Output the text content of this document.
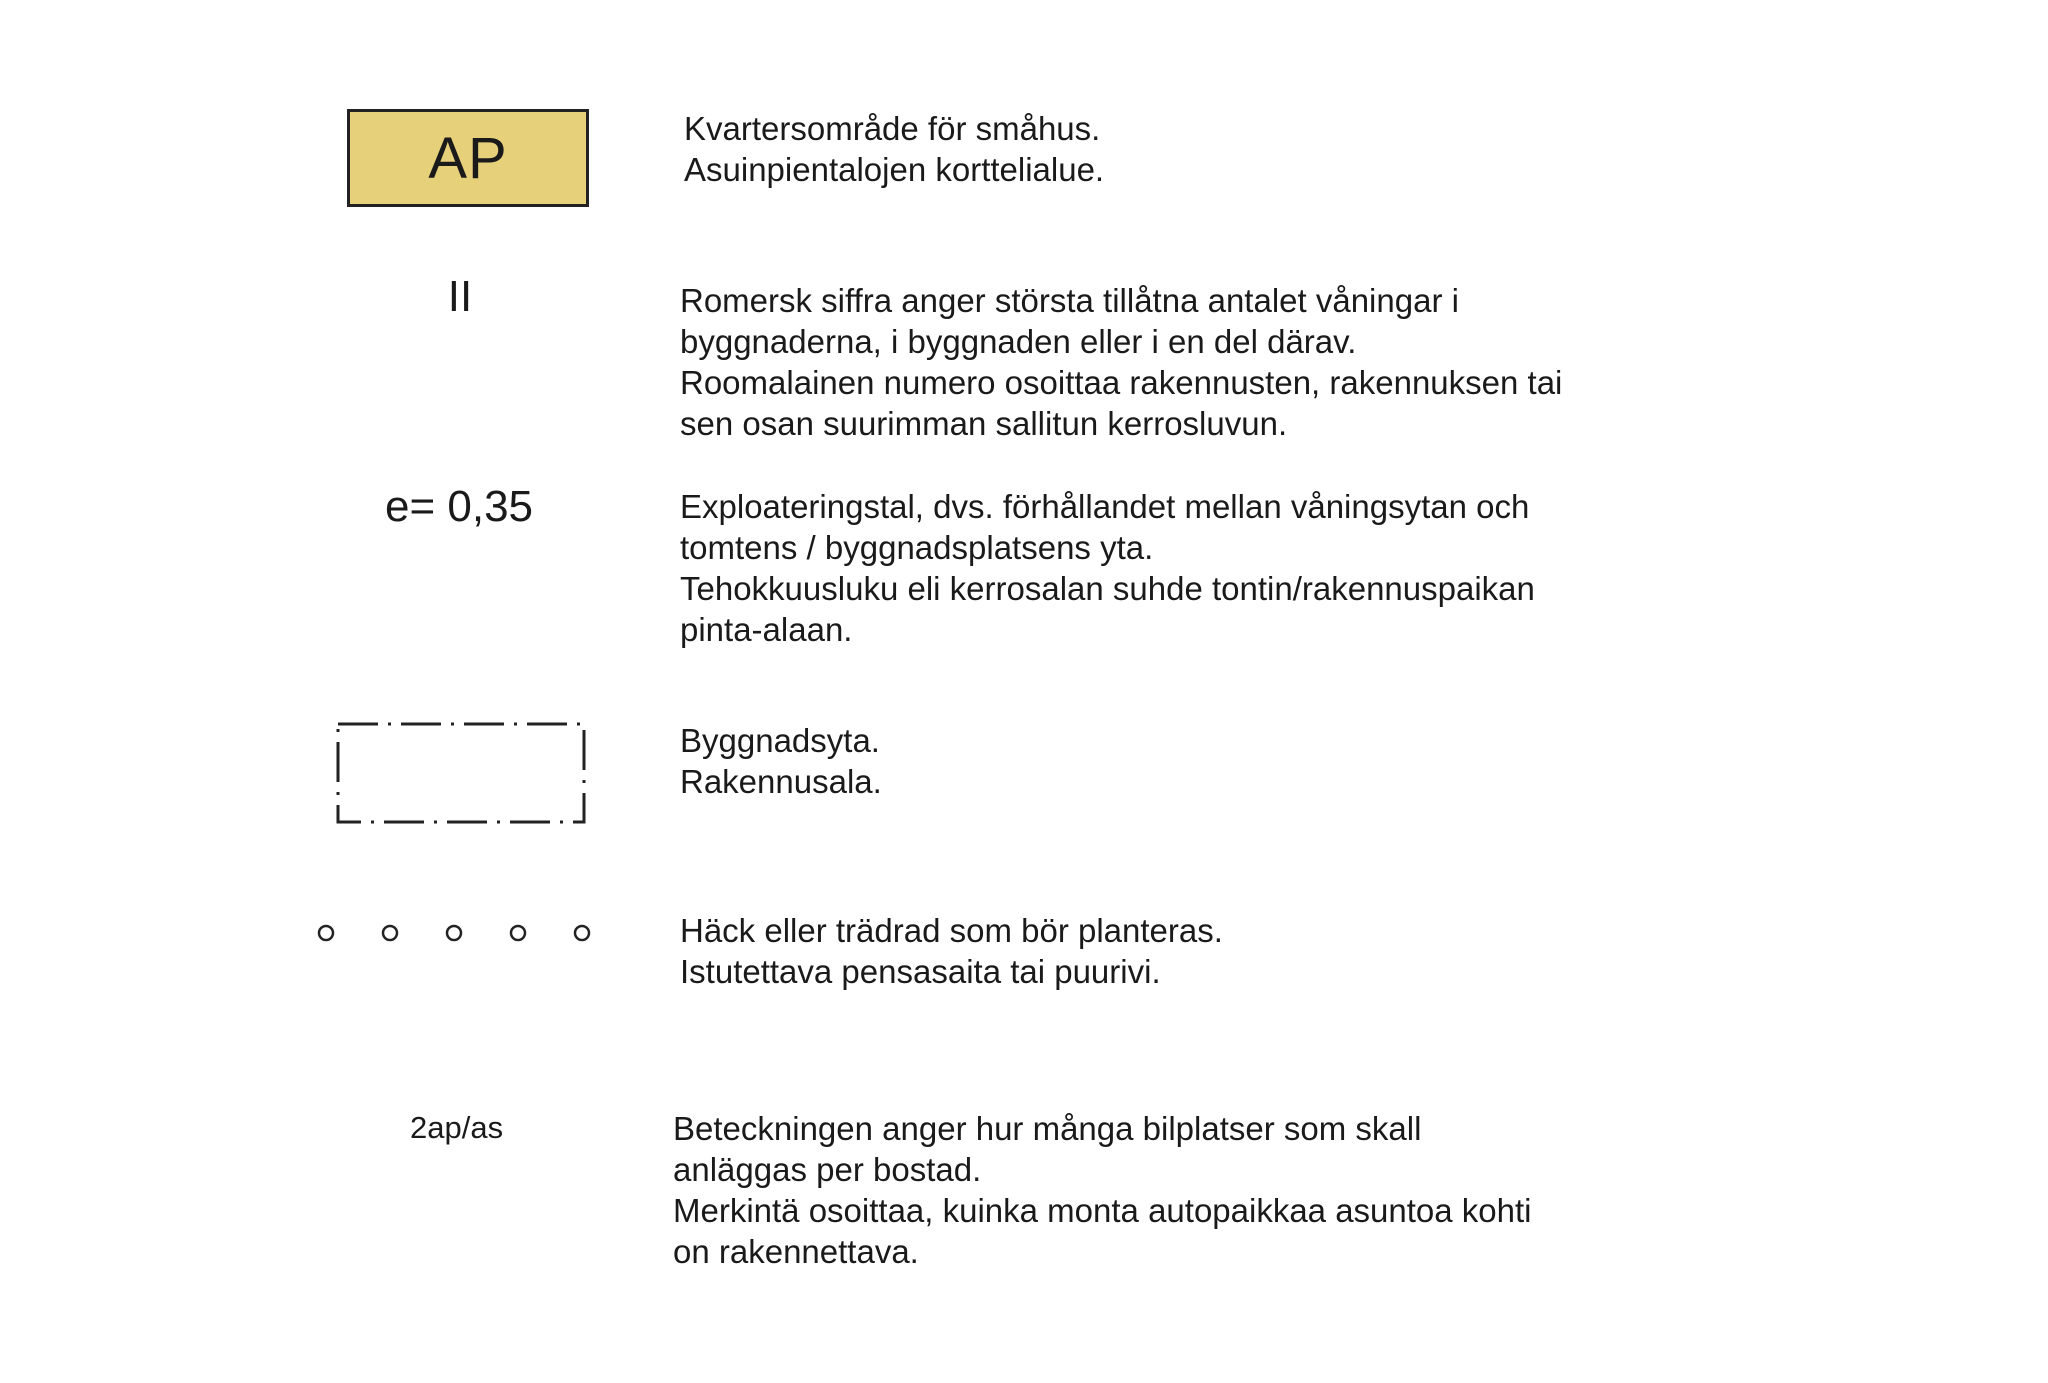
AP	Kvartersområde för småhus.
Asuinpientalojen korttelialue.
II	Romersk siffra anger största tillåtna antalet våningar i
byggnaderna, i byggnaden eller i en del därav.
Roomalainen numero osoittaa rakennusten, rakennuksen tai
sen osan suurimman sallitun kerrosluvun.
e= 0,35	Exploateringstal, dvs. förhållandet mellan våningsytan och
tomtens / byggnadsplatsens yta.
Tehokkuusluku eli kerrosalan suhde tontin/rakennuspaikan
pinta-alaan.
Byggnadsyta.
Rakennusala.
Häck eller trädrad som bör planteras.
Istutettava pensasaita tai puurivi.
2ap/as	Beteckningen anger hur många bilplatser som skall
anläggas per bostad.
Merkintä osoittaa, kuinka monta autopaikkaa asuntoa kohti
on rakennettava.
